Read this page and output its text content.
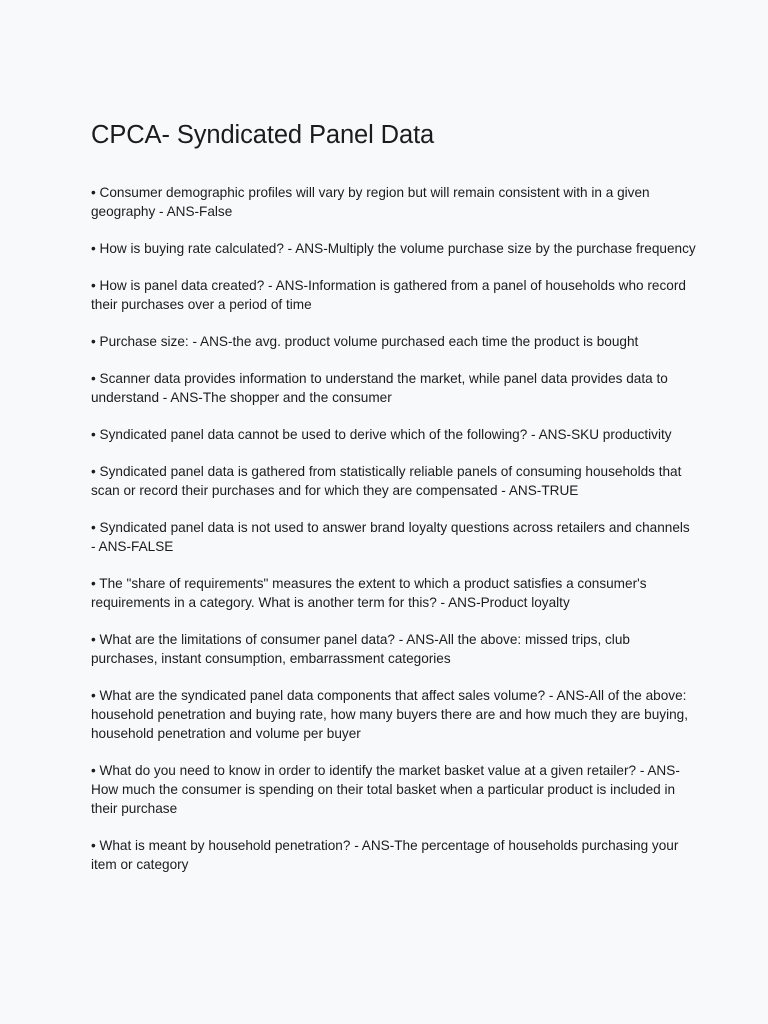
CPCA- Syndicated Panel Data
• Consumer demographic profiles will vary by region but will remain consistent with in a given geography - ANS-False
• How is buying rate calculated? - ANS-Multiply the volume purchase size by the purchase frequency
• How is panel data created? - ANS-Information is gathered from a panel of households who record their purchases over a period of time
• Purchase size: - ANS-the avg. product volume purchased each time the product is bought
• Scanner data provides information to understand the market, while panel data provides data to understand - ANS-The shopper and the consumer
• Syndicated panel data cannot be used to derive which of the following? - ANS-SKU productivity
• Syndicated panel data is gathered from statistically reliable panels of consuming households that scan or record their purchases and for which they are compensated - ANS-TRUE
• Syndicated panel data is not used to answer brand loyalty questions across retailers and channels - ANS-FALSE
• The "share of requirements" measures the extent to which a product satisfies a consumer's requirements in a category. What is another term for this? - ANS-Product loyalty
• What are the limitations of consumer panel data? - ANS-All the above: missed trips, club purchases, instant consumption, embarrassment categories
• What are the syndicated panel data components that affect sales volume? - ANS-All of the above: household penetration and buying rate, how many buyers there are and how much they are buying, household penetration and volume per buyer
• What do you need to know in order to identify the market basket value at a given retailer? - ANS-How much the consumer is spending on their total basket when a particular product is included in their purchase
• What is meant by household penetration? - ANS-The percentage of households purchasing your item or category
